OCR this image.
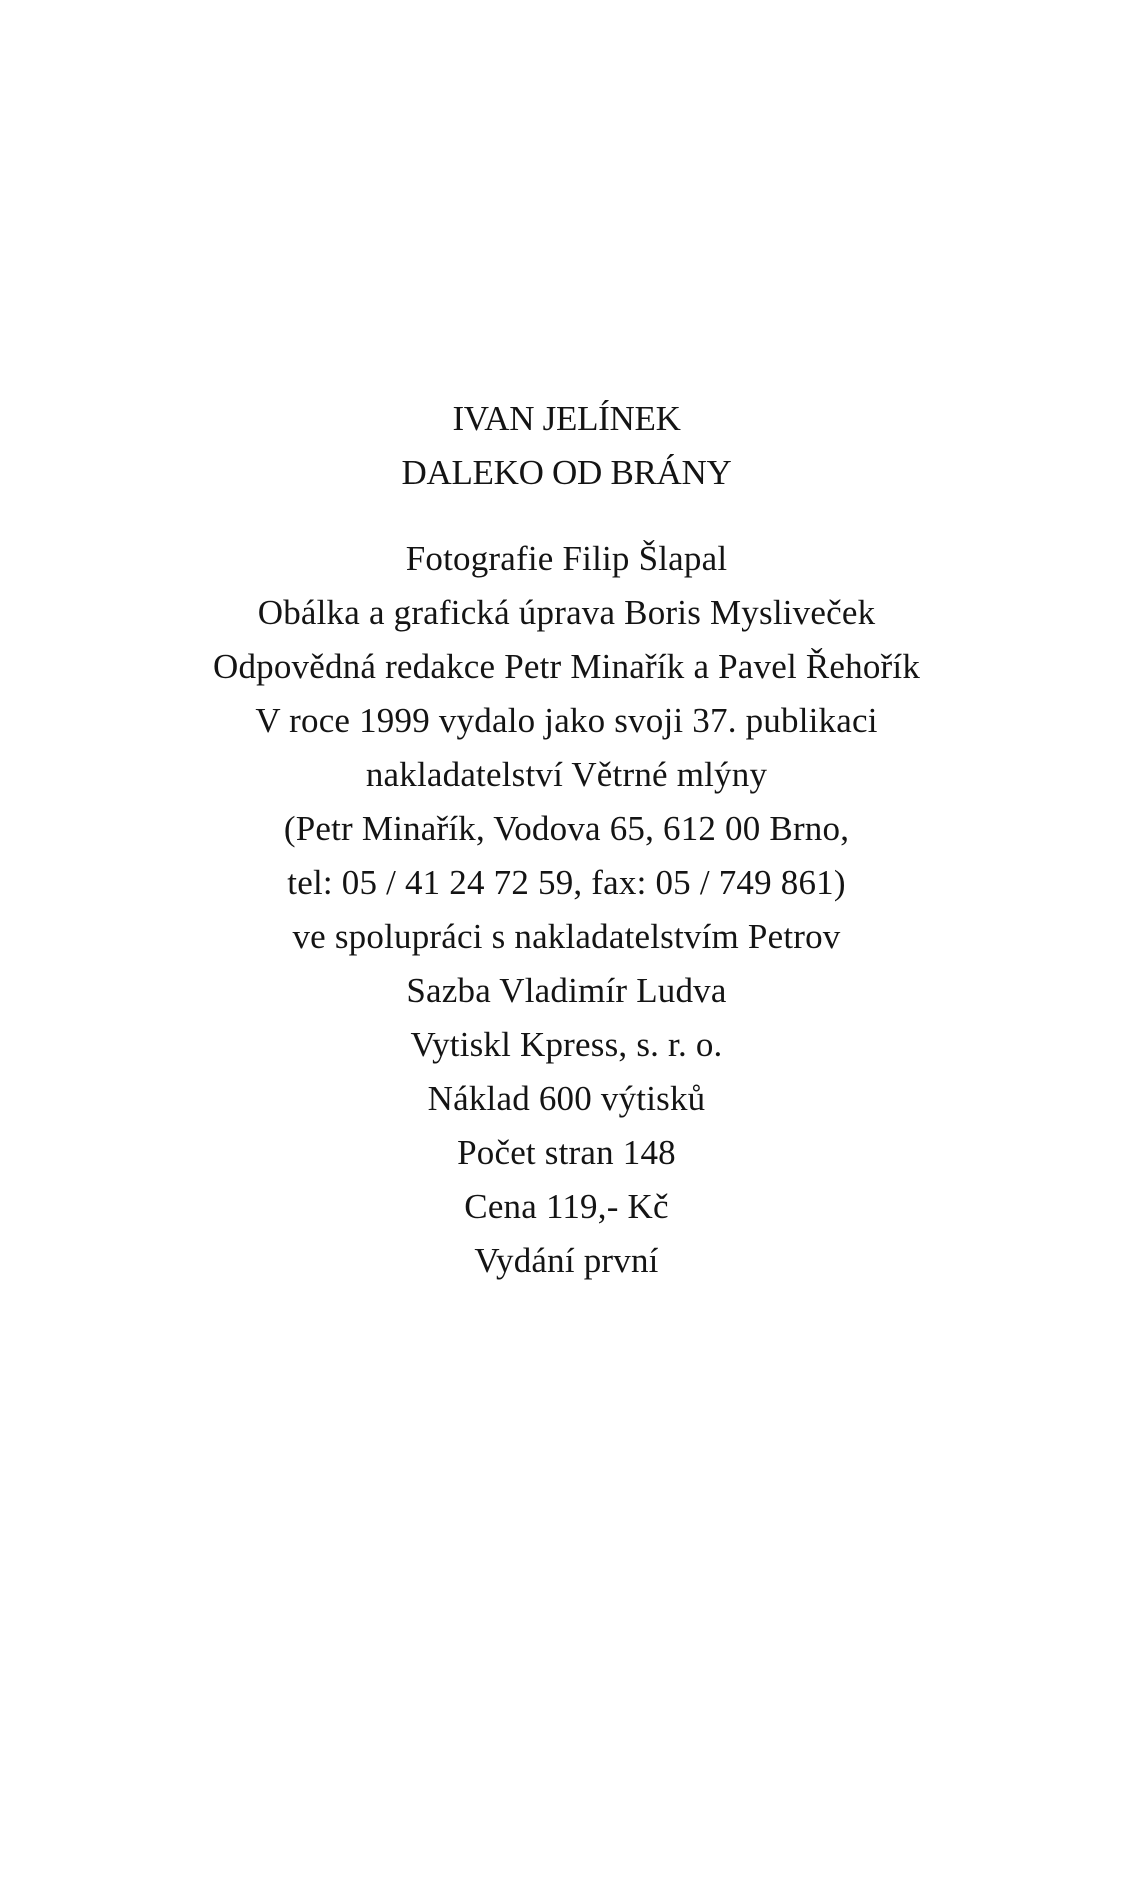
IVAN JELÍNEK
DALEKO OD BRÁNY
Fotografie Filip Šlapal
Obálka a grafická úprava Boris Mysliveček
Odpovědná redakce Petr Minařík a Pavel Řehořík
V roce 1999 vydalo jako svoji 37. publikaci
nakladatelství Větrné mlýny
(Petr Minařík, Vodova 65, 612 00 Brno,
tel: 05 / 41 24 72 59, fax: 05 / 749 861)
ve spolupráci s nakladatelstvím Petrov
Sazba Vladimír Ludva
Vytiskl Kpress, s. r. o.
Náklad 600 výtisků
Počet stran 148
Cena 119,- Kč
Vydání první
